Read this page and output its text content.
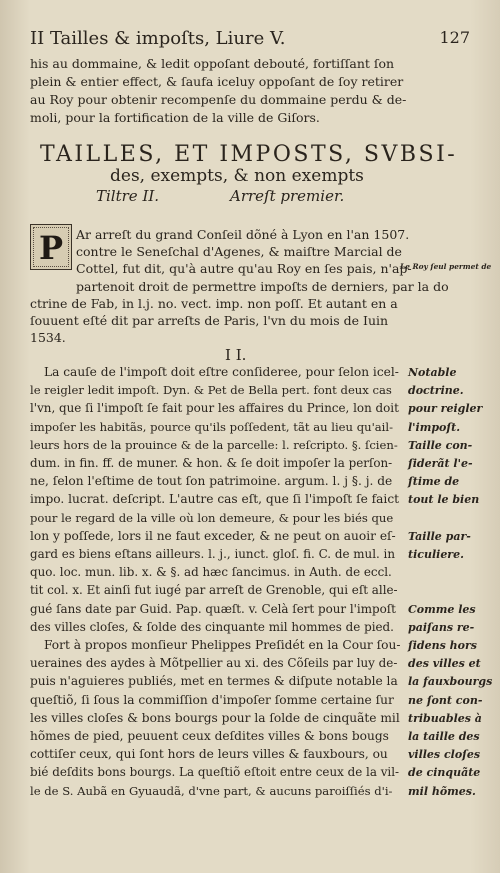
II Tailles & impoſts, Liure V.	127
his au dommaine, & ledit oppoſant debouté, fortiſſant ſon
plein & entier effect, & ſaufa iceluy oppoſant de ſoy retirer
au Roy pour obtenir recompenſe du dommaine perdu & de-
moli, pour la fortification de la ville de Giſors.
TAILLES, ET IMPOSTS, SVBSI-
des, exempts, & non exempts
Tiltre II.	Arreſt premier.
P Ar arreſt du grand Conſeil dõné à Lyon en l'an 1507.
contre le Seneſchal d'Agenes, & maiſtre Marcial de
Cottel, fut dit, qu'à autre qu'au Roy en ſes pais, n'ap-
partenoit droit de permettre impoſts de derniers, par la do
ctrine de Fab, in l.j. no. vect. imp. non poſſ. Et autant en a
ſouuent eſté dit par arreſts de Paris, l'vn du mois de Iuin
1534.
Le Roy ſeul permet de
I I.
La cauſe de l'impoſt doit eſtre conſideree, pour ſelon icel-
le reigler ledit impoſt. Dyn. & Pet de Bella pert. font deux cas
l'vn, que ſi l'impoſt ſe fait pour les affaires du Prince, lon doit
impoſer les habitãs, pource qu'ils poſſedent, tãt au lieu qu'ail-
leurs hors de la prouince & de la parcelle: l. reſcripto. §. ſcien-
dum. in fin. ff. de muner. & hon. & ſe doit impoſer la perſon-
ne, ſelon l'eſtime de tout ſon patrimoine. argum. l. j §. j. de
impo. lucrat. deſcript. L'autre cas eſt, que ſi l'impoſt ſe faict
pour le regard de la ville où lon demeure, & pour les biés que
lon y poſſede, lors il ne faut exceder, & ne peut on auoir eſ-
gard es biens eſtans ailleurs. l. j., iunct. gloſ. fi. C. de mul. in
quo. loc. mun. lib. x. & §. ad hæc ſancimus. in Auth. de eccl.
tit col. x. Et ainſi fut iugé par arreſt de Grenoble, qui eſt alle-
gué ſans date par Guid. Pap. quæſt. v. Celà ſert pour l'impoſt
des villes cloſes, & ſolde des cinquante mil hommes de pied.
Fort à propos monſieur Phelippes Preſidét en la Cour ſou-
ueraines des aydes à Mõtpellier au xi. des Cõſeils par luy de-
puis n'aguieres publiés, met en termes & diſpute notable la
queſtiõ, ſi ſous la commiſſion d'impoſer ſomme certaine ſur
les villes cloſes & bons bourgs pour la ſolde de cinquãte mil
hõmes de pied, peuuent ceux deſdites villes & bons bougs
cottiſer ceux, qui ſont hors de leurs villes & fauxbours, ou
bié deſdits bons bourgs. La queſtiõ eſtoit entre ceux de la vil-
le de S. Aubã en Gyuaudã, d'vne part, & aucuns paroiſſiés d'i-
Notable
doctrine.
pour reigler
l'impoſt.
Taille con-
ſiderãt l'e-
ſtime de
tout le bien
Taille par-
ticuliere.
Comme les
paiſans re-
ſidens hors
des villes et
la fauxbourgs
ne ſont con-
tribuables à
la taille des
villes cloſes
de cinquãte
mil hõmes.
